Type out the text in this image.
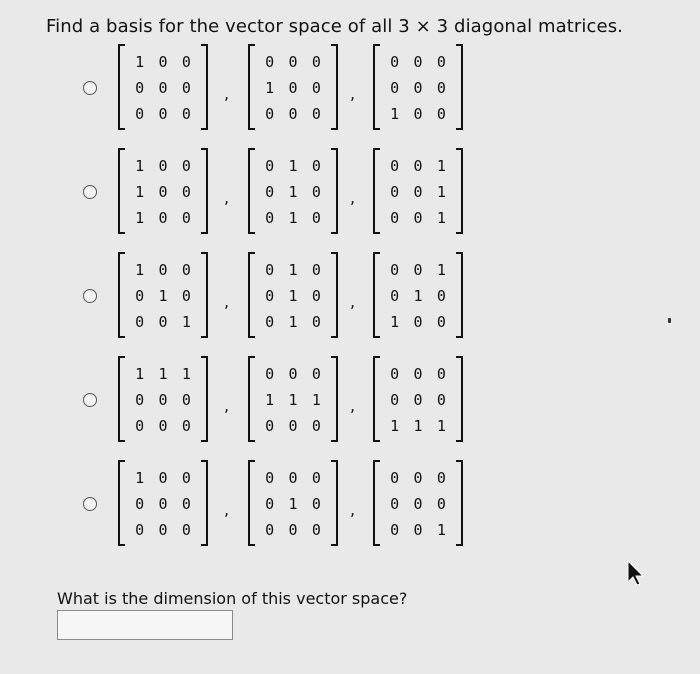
Find a basis for the vector space of all 3 × 3 diagonal matrices.
1 0 0
0 0 0
0 0 0
,
0 0 0
1 0 0
0 0 0
,
0 0 0
0 0 0
1 0 0
1 0 0
1 0 0
1 0 0
,
0 1 0
0 1 0
0 1 0
,
0 0 1
0 0 1
0 0 1
1 0 0
0 1 0
0 0 1
,
0 1 0
0 1 0
0 1 0
,
0 0 1
0 1 0
1 0 0
1 1 1
0 0 0
0 0 0
,
0 0 0
1 1 1
0 0 0
,
0 0 0
0 0 0
1 1 1
1 0 0
0 0 0
0 0 0
,
0 0 0
0 1 0
0 0 0
,
0 0 0
0 0 0
0 0 1
What is the dimension of this vector space?
